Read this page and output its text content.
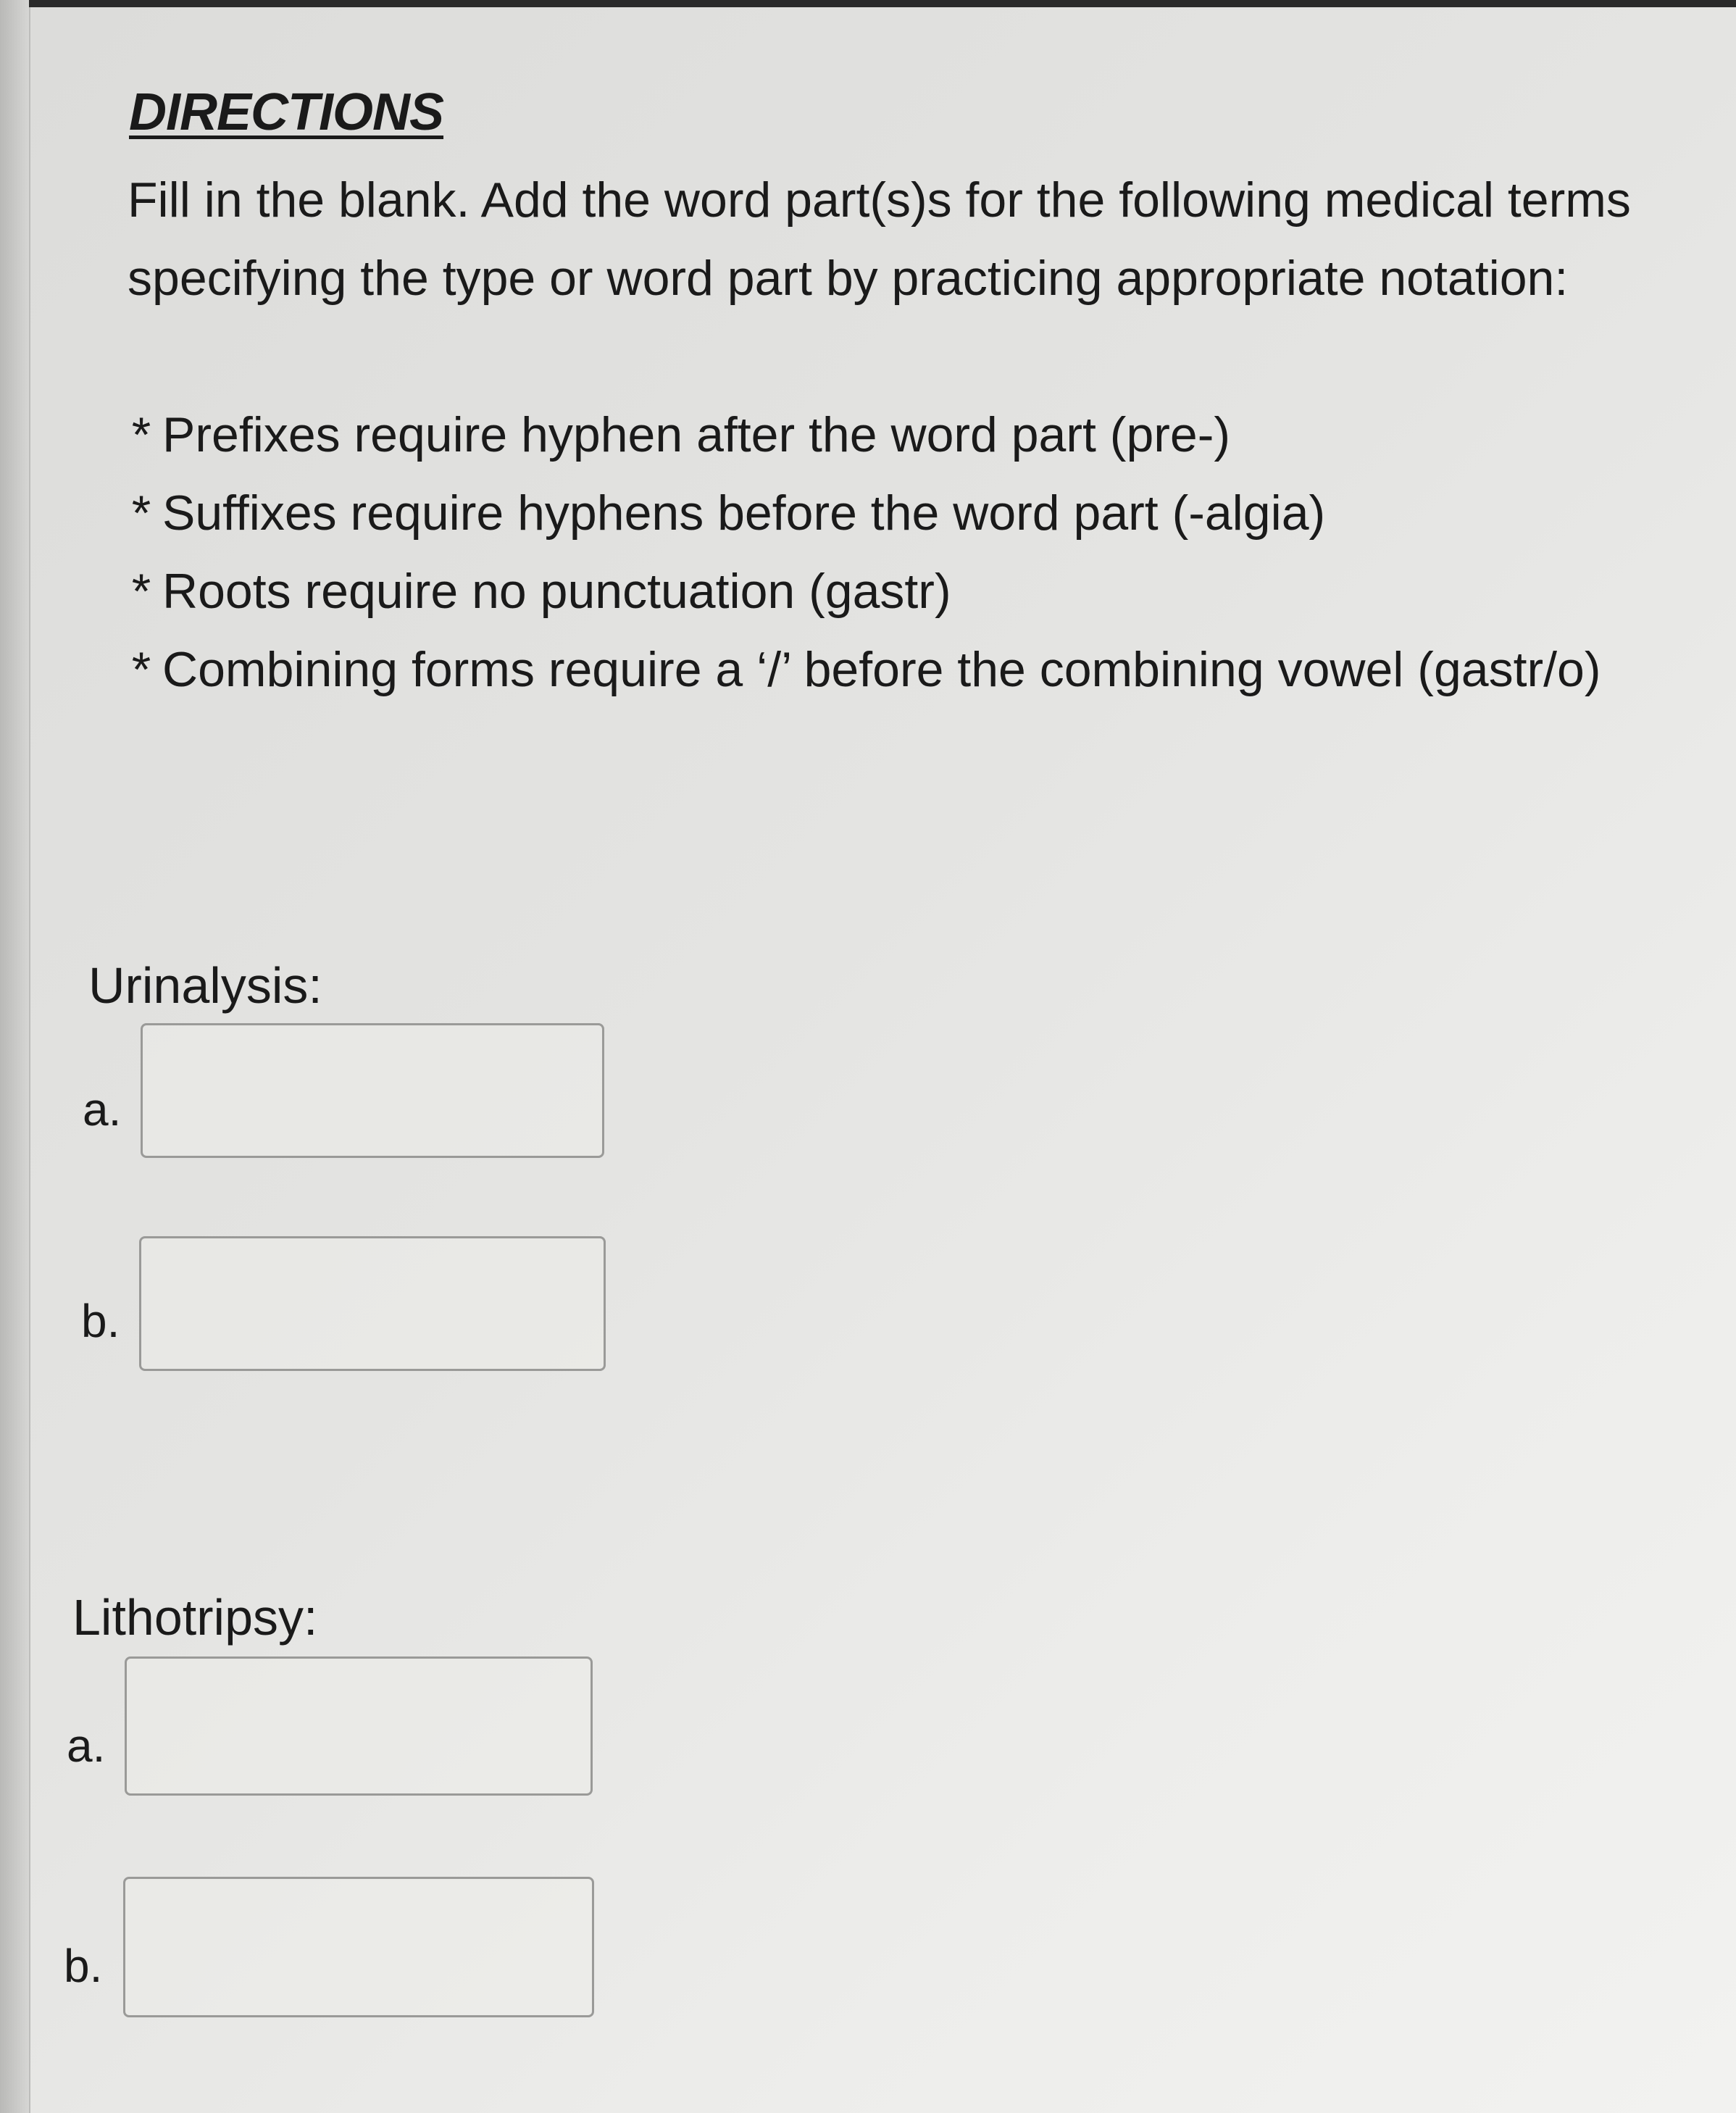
DIRECTIONS

Fill in the blank. Add the word part(s)s for the following medical terms specifying the type or word part by practicing appropriate notation:

* Prefixes require hyphen after the word part (pre-)
* Suffixes require hyphens before the word part (-algia)
* Roots require no punctuation (gastr)
* Combining forms require a ‘/’ before the combining vowel (gastr/o)

Urinalysis:

a.

b.

Lithotripsy:

a.

b.
